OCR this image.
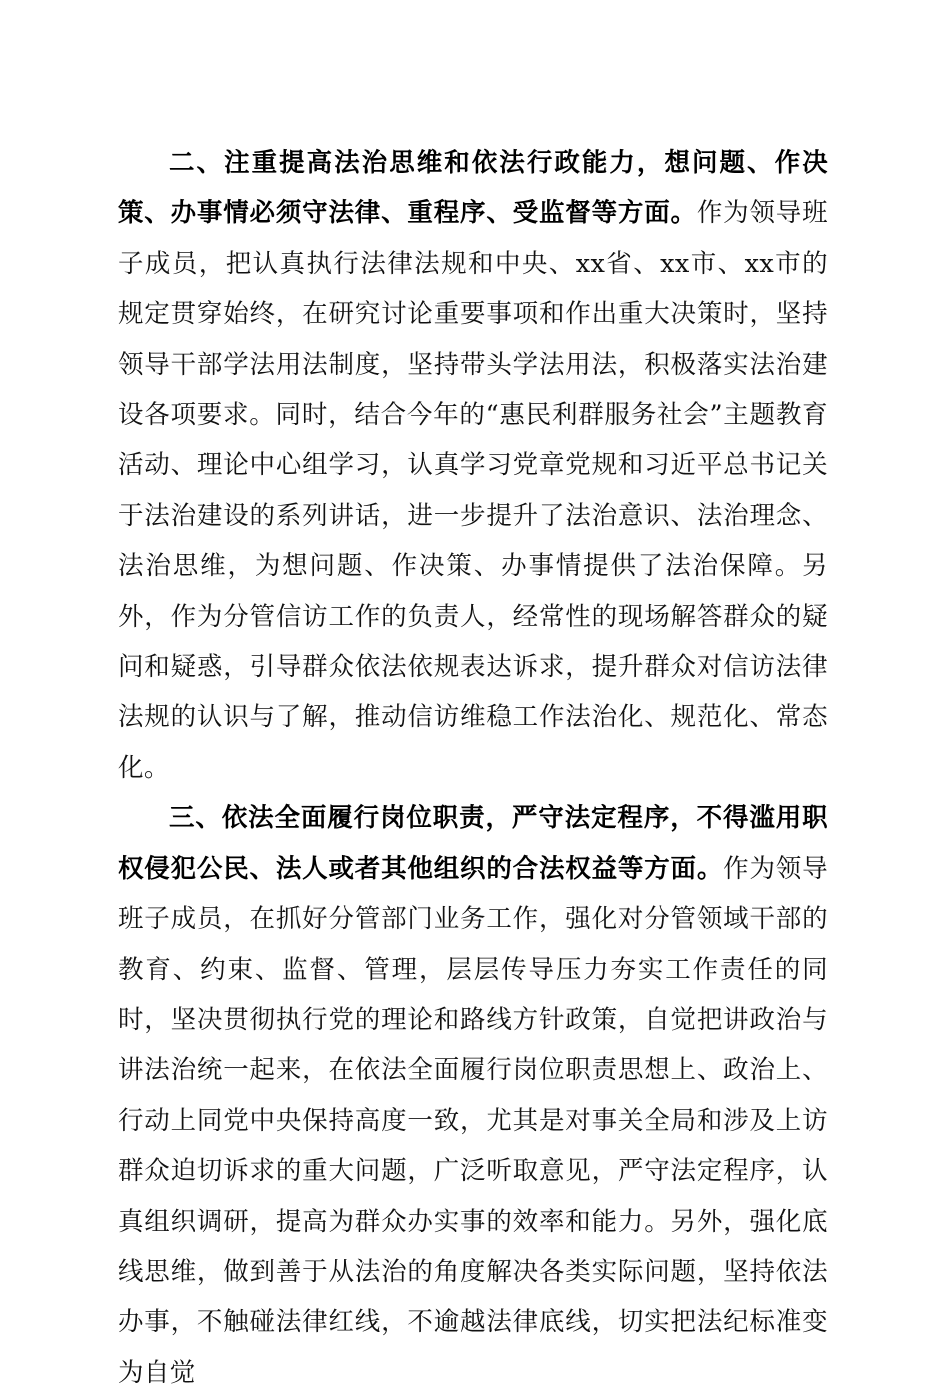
二、注重提高法治思维和依法行政能力，想问题、作决策、办事情必须守法律、重程序、受监督等方面。作为领导班子成员，把认真执行法律法规和中央、xx省、xx市、xx市的规定贯穿始终，在研究讨论重要事项和作出重大决策时，坚持领导干部学法用法制度，坚持带头学法用法，积极落实法治建设各项要求。同时，结合今年的“惠民利群服务社会”主题教育活动、理论中心组学习，认真学习党章党规和习近平总书记关于法治建设的系列讲话，进一步提升了法治意识、法治理念、法治思维，为想问题、作决策、办事情提供了法治保障。另外，作为分管信访工作的负责人，经常性的现场解答群众的疑问和疑惑，引导群众依法依规表达诉求，提升群众对信访法律法规的认识与了解，推动信访维稳工作法治化、规范化、常态化。

三、依法全面履行岗位职责，严守法定程序，不得滥用职权侵犯公民、法人或者其他组织的合法权益等方面。作为领导班子成员，在抓好分管部门业务工作，强化对分管领域干部的教育、约束、监督、管理，层层传导压力夯实工作责任的同时，坚决贯彻执行党的理论和路线方针政策，自觉把讲政治与讲法治统一起来，在依法全面履行岗位职责思想上、政治上、行动上同党中央保持高度一致，尤其是对事关全局和涉及上访群众迫切诉求的重大问题，广泛听取意见，严守法定程序，认真组织调研，提高为群众办实事的效率和能力。另外，强化底线思维，做到善于从法治的角度解决各类实际问题，坚持依法办事，不触碰法律红线，不逾越法律底线，切实把法纪标准变为自觉
